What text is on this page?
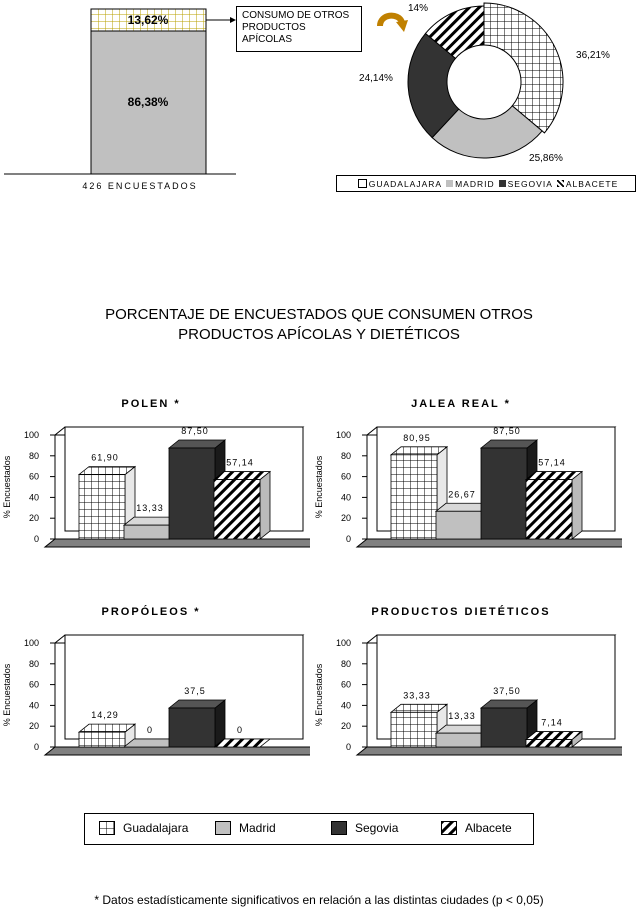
13,62%
86,38%
CONSUMO DE OTROS PRODUCTOS APÍCOLAS
426 ENCUESTADOS
14%
36,21%
25,86%
24,14%
GUADALAJARA MADRID SEGOVIA ALBACETE
PORCENTAJE DE ENCUESTADOS QUE CONSUMEN OTROS
PRODUCTOS APÍCOLAS Y DIETÉTICOS
POLEN *	JALEA REAL *
PROPÓLEOS *	PRODUCTOS DIETÉTICOS
% Encuestados
0
20
40
60
80
100
61,90
13,33
87,50
57,14	% Encuestados
0
20
40
60
80
100	80,95
26,67
87,50
57,14
% Encuestados
0
20
40
60
80
100
14,29
0
37,5
0
% Encuestados
0
20
40
60
80
100
33,33
13,33
37,50
7,14
Guadalajara	Madrid	Segovia	Albacete
* Datos estadísticamente significativos en relación a las distintas ciudades (p < 0,05)
